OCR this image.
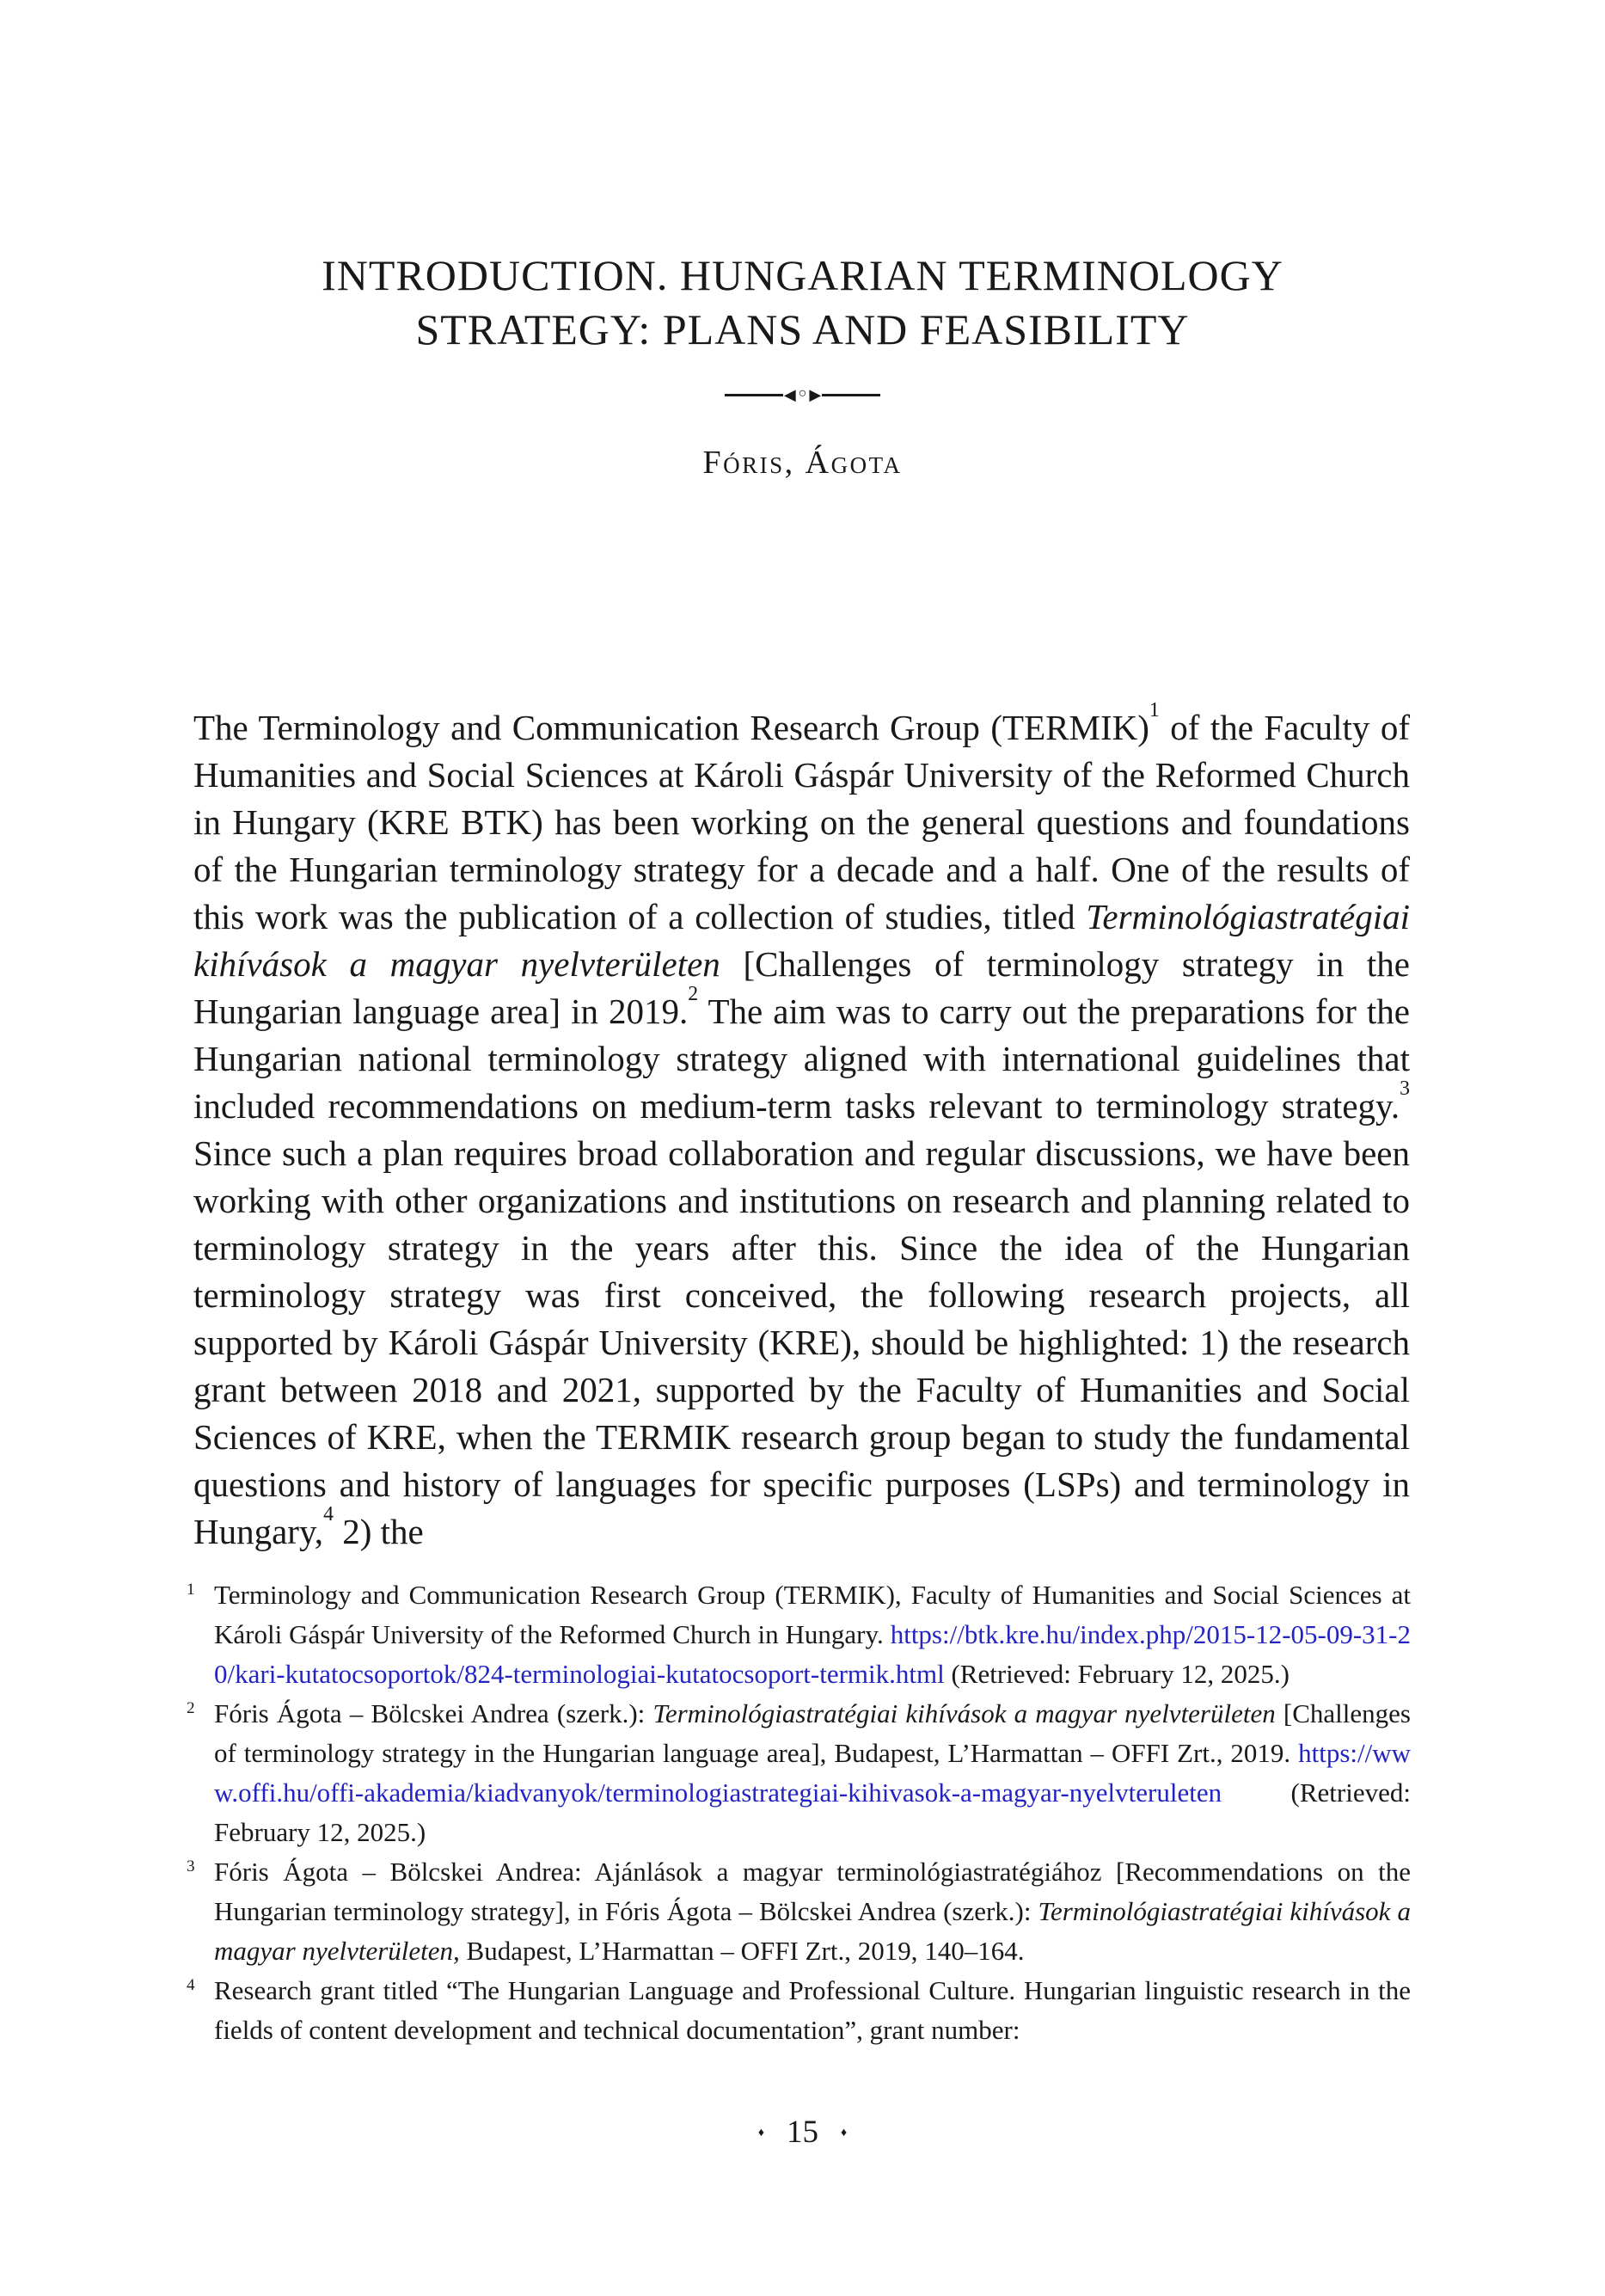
INTRODUCTION. HUNGARIAN TERMINOLOGY
STRATEGY: PLANS AND FEASIBILITY
◀ ○ ▶
Fóris, Ágota

The Terminology and Communication Research Group (TERMIK)$^1$ of the Faculty of Humanities and Social Sciences at Károli Gáspár University of the Reformed Church in Hungary (KRE BTK) has been working on the general questions and foundations of the Hungarian terminology strategy for a decade and a half. One of the results of this work was the publication of a collection of studies, titled Terminológiastratégiai kihívások a magyar nyelvterületen [Challenges of terminology strategy in the Hungarian language area] in 2019.$^2$ The aim was to carry out the preparations for the Hungarian national terminology strategy aligned with international guidelines that included recommendations on medium-term tasks relevant to terminology strategy.$^3$ Since such a plan requires broad collaboration and regular discussions, we have been working with other organizations and institutions on research and planning related to terminology strategy in the years after this. Since the idea of the Hungarian terminology strategy was first conceived, the following research projects, all supported by Károli Gáspár University (KRE), should be highlighted: 1) the research grant between 2018 and 2021, supported by the Faculty of Humanities and Social Sciences of KRE, when the TERMIK research group began to study the fundamental questions and history of languages for specific purposes (LSPs) and terminology in Hungary,$^4$ 2) the

$^1$ Terminology and Communication Research Group (TERMIK), Faculty of Humanities and Social Sciences at Károli Gáspár University of the Reformed Church in Hungary. https://btk.kre.hu/index.php/2015-12-05-09-31-20/kari-kutatocsoportok/824-terminologiai-kutatocsoport-termik.html (Retrieved: February 12, 2025.)
$^2$ Fóris Ágota – Bölcskei Andrea (szerk.): Terminológiastratégiai kihívások a magyar nyelvterületen [Challenges of terminology strategy in the Hungarian language area], Budapest, L’Harmattan – OFFI Zrt., 2019. https://www.offi.hu/offi-akademia/kiadvanyok/terminologiastrategiai-kihivasok-a-magyar-nyelvteruleten (Retrieved: February 12, 2025.)
$^3$ Fóris Ágota – Bölcskei Andrea: Ajánlások a magyar terminológiastratégiához [Recommendations on the Hungarian terminology strategy], in Fóris Ágota – Bölcskei Andrea (szerk.): Terminológiastratégiai kihívások a magyar nyelvterületen, Budapest, L’Harmattan – OFFI Zrt., 2019, 140–164.
$^4$ Research grant titled “The Hungarian Language and Professional Culture. Hungarian linguistic research in the fields of content development and technical documentation”, grant number:
♦ 15 ♦
